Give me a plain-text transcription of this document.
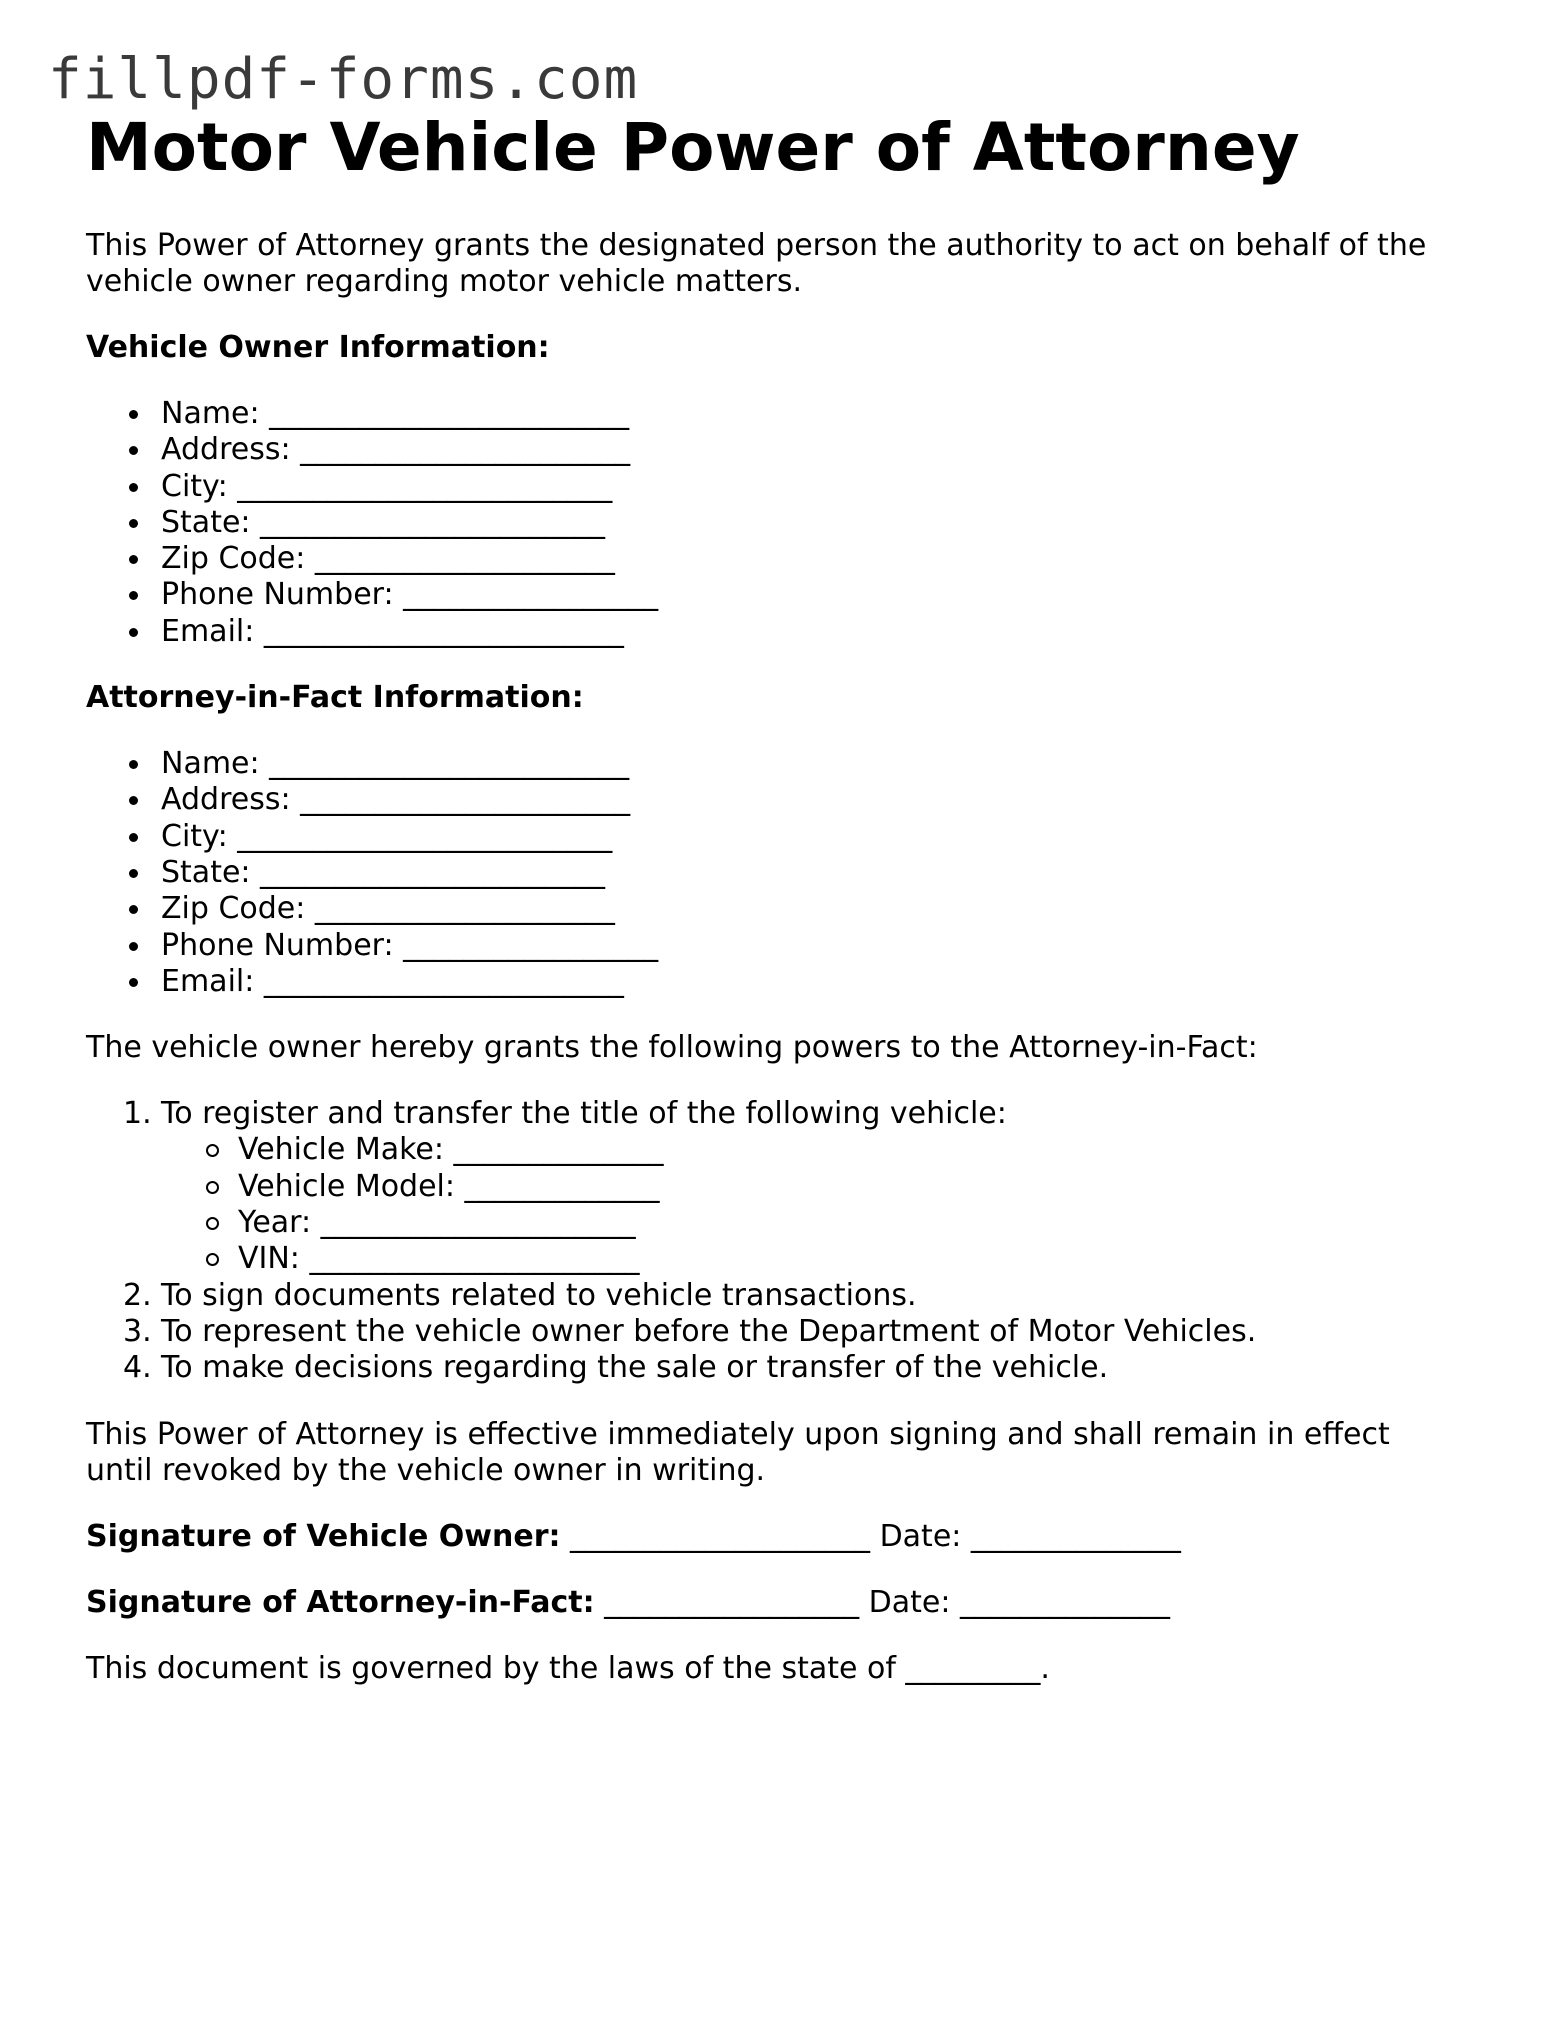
fillpdf-forms.com
Motor Vehicle Power of Attorney

This Power of Attorney grants the designated person the authority to act on behalf of the
vehicle owner regarding motor vehicle matters.

Vehicle Owner Information:

Name: ________________________
Address: ______________________
City: _________________________
State: _______________________
Zip Code: ____________________
Phone Number: _________________
Email: ________________________

Attorney-in-Fact Information:

Name: ________________________
Address: ______________________
City: _________________________
State: _______________________
Zip Code: ____________________
Phone Number: _________________
Email: ________________________

The vehicle owner hereby grants the following powers to the Attorney-in-Fact:

1. To register and transfer the title of the following vehicle:
Vehicle Make: ______________
Vehicle Model: _____________
Year: _____________________
VIN: ______________________
2. To sign documents related to vehicle transactions.
3. To represent the vehicle owner before the Department of Motor Vehicles.
4. To make decisions regarding the sale or transfer of the vehicle.

This Power of Attorney is effective immediately upon signing and shall remain in effect
until revoked by the vehicle owner in writing.

Signature of Vehicle Owner: ____________________ Date: ______________

Signature of Attorney-in-Fact: _________________ Date: ______________

This document is governed by the laws of the state of _________.
